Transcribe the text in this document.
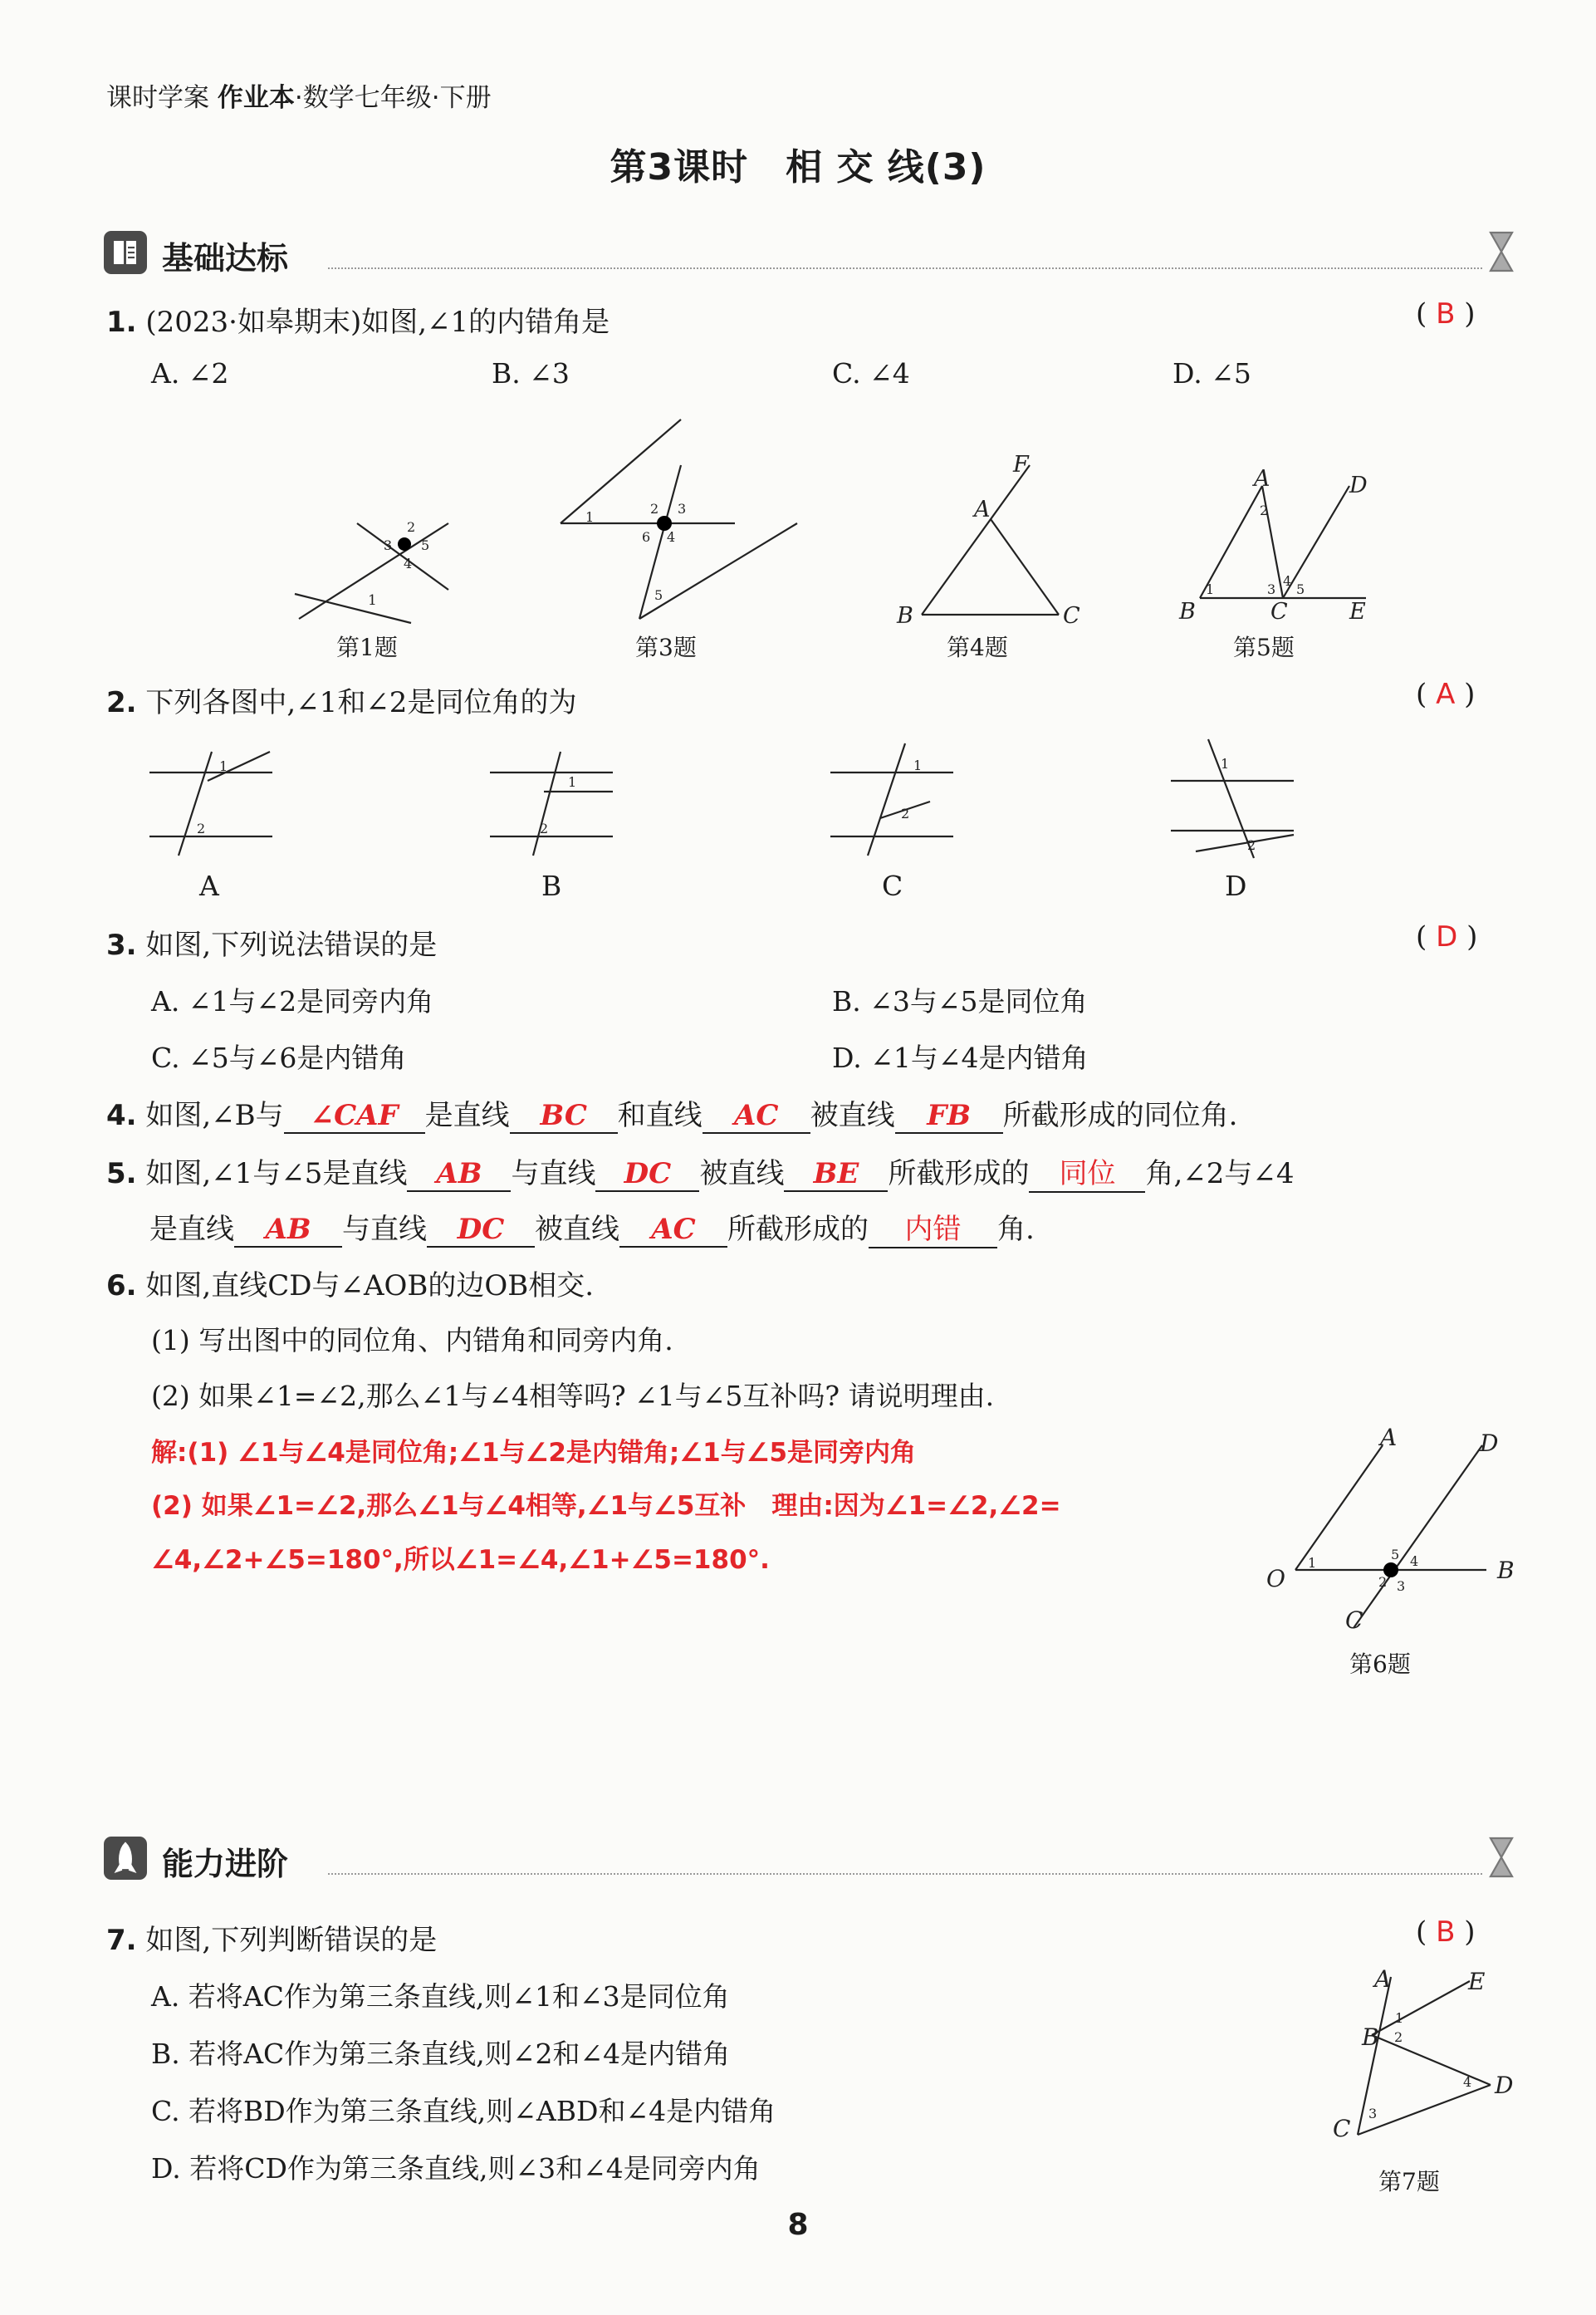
课时学案 作业本·数学七年级·下册
第3课时　相 交 线(3)
基础达标
1. (2023·如皋期末)如图,∠1的内错角是	( B )
A. ∠2	B. ∠3	C. ∠4	D. ∠5
1
2
3 5
4
第1题
1
2 3
6 4
5
第3题
F
A
B	C
第4题
A	D
B	C	E
1
2
3
4
5
第5题
2. 下列各图中,∠1和∠2是同位角的为	( A )
1
2
A
1
2
B
1
2
C
1
2
D
3. 如图,下列说法错误的是	( D )
A. ∠1与∠2是同旁内角	B. ∠3与∠5是同位角
C. ∠5与∠6是内错角	D. ∠1与∠4是内错角
4. 如图,∠B与 ∠CAF 是直线 BC 和直线 AC 被直线 FB 所截形成的同位角.
5. 如图,∠1与∠5是直线 AB 与直线 DC 被直线 BE 所截形成的 同位 角,∠2与∠4
是直线 AB 与直线 DC 被直线 AC 所截形成的 内错 角.
6. 如图,直线CD与∠AOB的边OB相交.
(1) 写出图中的同位角、内错角和同旁内角.
(2) 如果∠1=∠2,那么∠1与∠4相等吗? ∠1与∠5互补吗? 请说明理由.
解:(1) ∠1与∠4是同位角;∠1与∠2是内错角;∠1与∠5是同旁内角
(2) 如果∠1=∠2,那么∠1与∠4相等,∠1与∠5互补　理由:因为∠1=∠2,∠2=
∠4,∠2+∠5=180°,所以∠1=∠4,∠1+∠5=180°.
A	D
O	B
C
1
5 4
2 3
第6题
能力进阶
7. 如图,下列判断错误的是	( B )
A. 若将AC作为第三条直线,则∠1和∠3是同位角
B. 若将AC作为第三条直线,则∠2和∠4是内错角
C. 若将BD作为第三条直线,则∠ABD和∠4是内错角
D. 若将CD作为第三条直线,则∠3和∠4是同旁内角
A	E
B
D
C
1
2
3
4
第7题
8
